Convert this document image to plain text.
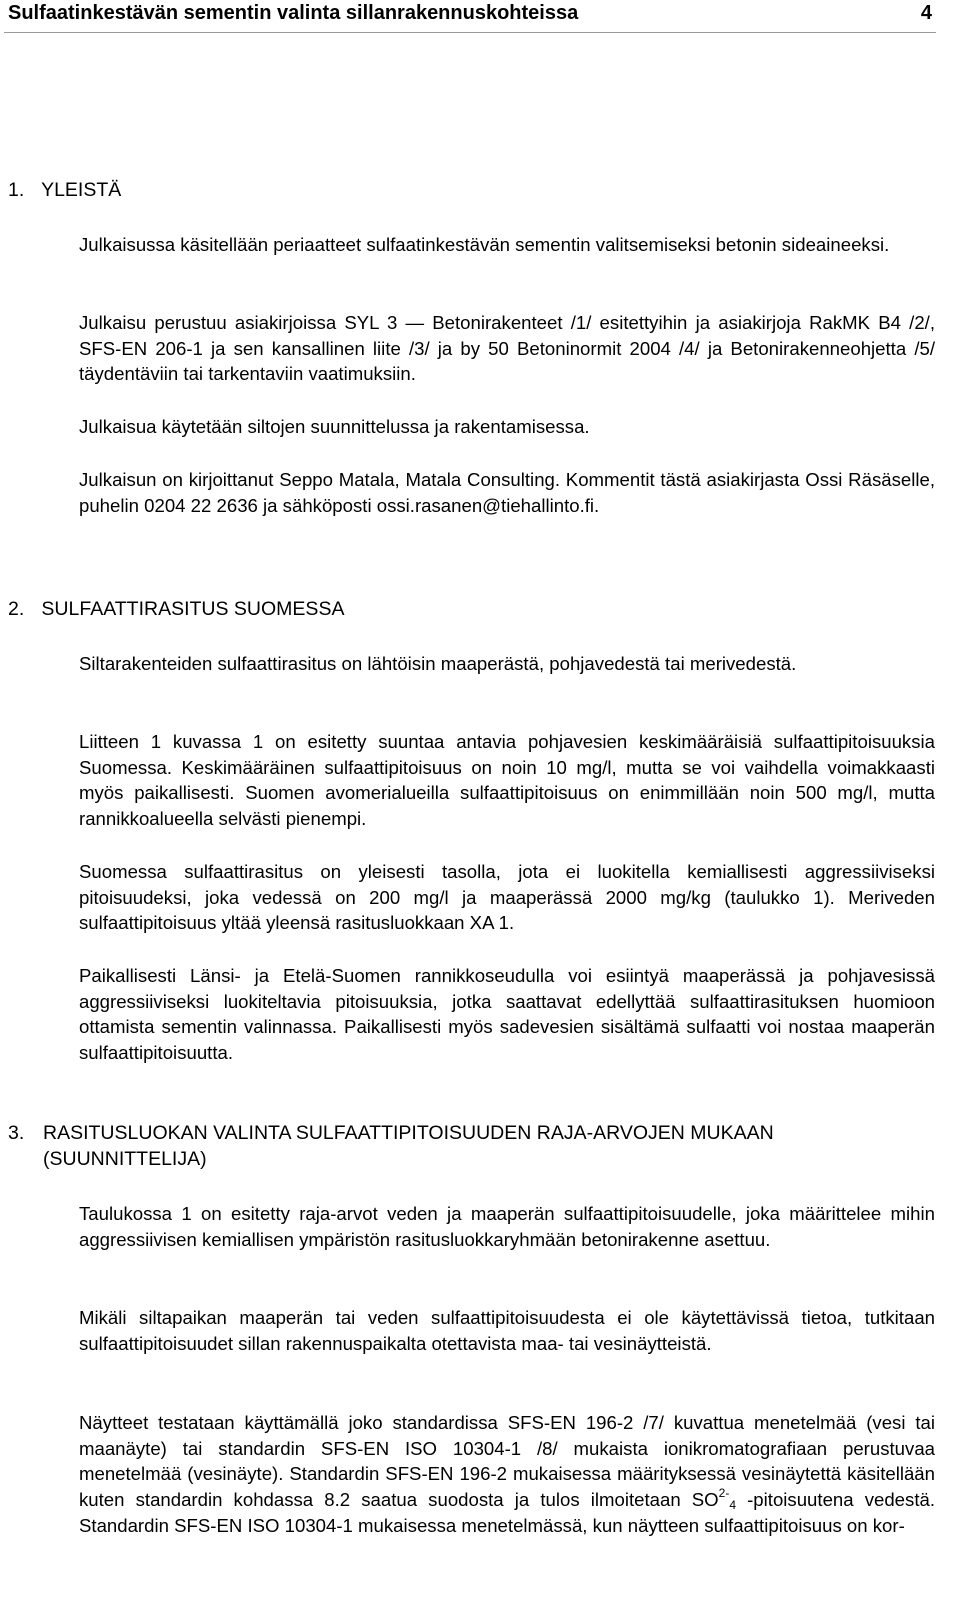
Sulfaatinkestävän sementin valinta sillanrakennuskohteissa	4
1. YLEISTÄ
Julkaisussa käsitellään periaatteet sulfaatinkestävän sementin valitsemiseksi betonin sideaineeksi.
Julkaisu perustuu asiakirjoissa SYL 3 — Betonirakenteet /1/ esitettyihin ja asiakirjoja RakMK B4 /2/, SFS-EN 206-1 ja sen kansallinen liite /3/ ja by 50 Betoninormit 2004 /4/ ja Betonirakenneohjetta /5/ täydentäviin tai tarkentaviin vaatimuksiin.
Julkaisua käytetään siltojen suunnittelussa ja rakentamisessa.
Julkaisun on kirjoittanut Seppo Matala, Matala Consulting. Kommentit tästä asiakirjasta Ossi Räsäselle, puhelin 0204 22 2636 ja sähköposti ossi.rasanen@tiehallinto.fi.
2. SULFAATTIRASITUS SUOMESSA
Siltarakenteiden sulfaattirasitus on lähtöisin maaperästä, pohjavedestä tai merivedestä.
Liitteen 1 kuvassa 1 on esitetty suuntaa antavia pohjavesien keskimääräisiä sulfaattipitoisuuksia Suomessa. Keskimääräinen sulfaattipitoisuus on noin 10 mg/l, mutta se voi vaihdella voimakkaasti myös paikallisesti. Suomen avomerialueilla sulfaattipitoisuus on enimmillään noin 500 mg/l, mutta rannikkoalueella selvästi pienempi.
Suomessa sulfaattirasitus on yleisesti tasolla, jota ei luokitella kemiallisesti aggressiiviseksi pitoisuudeksi, joka vedessä on 200 mg/l ja maaperässä 2000 mg/kg (taulukko 1). Meriveden sulfaattipitoisuus yltää yleensä rasitusluokkaan XA 1.
Paikallisesti Länsi- ja Etelä-Suomen rannikkoseudulla voi esiintyä maaperässä ja pohjavesissä aggressiiviseksi luokiteltavia pitoisuuksia, jotka saattavat edellyttää sulfaattirasituksen huomioon ottamista sementin valinnassa. Paikallisesti myös sadevesien sisältämä sulfaatti voi nostaa maaperän sulfaattipitoisuutta.
3. RASITUSLUOKAN VALINTA SULFAATTIPITOISUUDEN RAJA-ARVOJEN MUKAAN
(SUUNNITTELIJA)
Taulukossa 1 on esitetty raja-arvot veden ja maaperän sulfaattipitoisuudelle, joka määrittelee mihin aggressiivisen kemiallisen ympäristön rasitusluokkaryhmään betonirakenne asettuu.
Mikäli siltapaikan maaperän tai veden sulfaattipitoisuudesta ei ole käytettävissä tietoa, tutkitaan sulfaattipitoisuudet sillan rakennuspaikalta otettavista maa- tai vesinäytteistä.
Näytteet testataan käyttämällä joko standardissa SFS-EN 196-2 /7/ kuvattua menetelmää (vesi tai maanäyte) tai standardin SFS-EN ISO 10304-1 /8/ mukaista ionikromatografiaan perustuvaa menetelmää (vesinäyte). Standardin SFS-EN 196-2 mukaisessa määrityksessä vesinäytettä käsitellään kuten standardin kohdassa 8.2 saatua suodosta ja tulos ilmoitetaan $SO^{2-}_4$ -pitoisuutena vedestä. Standardin SFS-EN ISO 10304-1 mukaisessa menetelmässä, kun näytteen sulfaattipitoisuus on kor-
